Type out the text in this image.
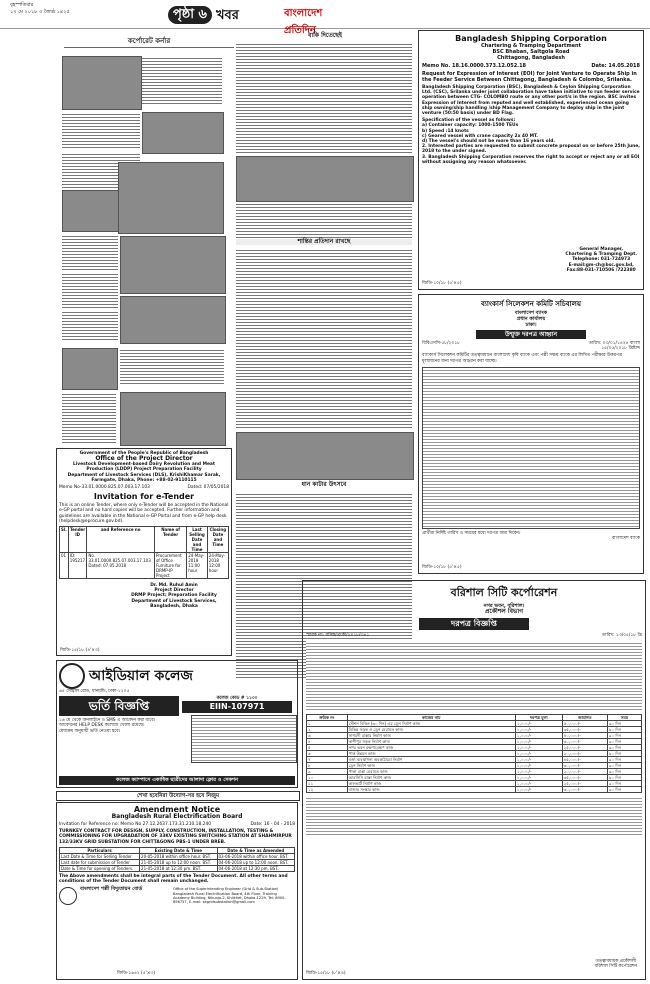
বৃহস্পতিবার
১৭ মে ২০১৮ ৩ জ্যৈষ্ঠ ১৪২৫	পৃষ্ঠা ৬ খবর	বাংলাদেশ প্রতিদিন
কর্পোরেট কর্নার
বাকি দিতেছেই
শান্তির প্রতিদান রাখছে
ধান কাটার উৎসবে
Government of the People's Republic of Bangladesh
Office of the Project Director
Livestock Development-based Dairy Revolution and Meat Production (LDDP) Project Preparation Facility
Department of Livestock Services (DLS), KrishiKhamar Sarak, Farmgate, Dhaka, Phone: +88-02-9110115
Memo No-33.01.0000.825.07.003.17.103	Dated: 07/05/2018
Invitation for e-Tender
This is an online Tender, where only e-Tender will be accepted in the National e-GP portal and no hard copies will be accepted. Further information and guidelines are available in the National e-GP Portal and from e-GP help desk (helpdesk@eprocure.gov.bd).
Sl.	Tender ID	and Reference no	Name of Tender	Last Selling Date and Time	Closing Date and Time
01	ID: 195217	No. 33.01.0000.825.07.003.17.103 Dated: 07.05.2018	Procurement of Office Furniture for DRMP-IP Project	24-May-2018 11:00 hour	24-May-2018 12:00 hour
Dr. Md. Ruhul Amin
Project Director
DRMP Project: Preparation Facility
Department of Livestock Services,
Bangladesh, Dhaka
জিডি-১৫/১৮ (৪'×৩)
Bangladesh Shipping Corporation
Chartering & Tramping Department
BSC Bhaban, Saltgola Road
Chittagong, Bangladesh
Memo No. 18.16.0000.373.12.052.18	Date: 14.05.2018
Request for Expression of Interest (EOI) for Joint Venture to Operate Ship in the Feeder Service Between Chittagong, Bangladesh & Colombo, Srilanka.
Bangladesh Shipping Corporation (BSC), Bangladesh & Ceylon Shipping Corporation Ltd. (CSC), Srilanka under joint collaboration have taken initiative to run feeder service operation between CTG- COLOMBO route or any other port/s in the region. BSC invites Expression of Interest from reputed and well established, experienced ocean going ship owning/ship handling /ship Management Company to deploy ship in the joint venture (50:50 basis) under BD Flag.
Specification of the vessel as follows:
a) Container capacity: 1000-1500 TEUs
b) Speed :14 knots
c) Geared vessel with crane capacity 2x 40 MT.
d) The vessel's should not be more than 16 years old.
2. Interested parties are requested to submit concrete proposal on or before 25th June, 2018 to the under signed.
3. Bangladesh Shipping Corporation reserves the right to accept or reject any or all EOI without assigning any reason whatsoever.
General Manager,
Chartering & Tramping Dept.
Telephone: 031-724973
E-mail:gm-ch@bsc.gov.bd,
Fax:88-031-710506 /722380
জিডি-১০/১৮ (৫'×৫)
ব্যাংকার্স সিলেকশন কমিটি সচিবালয়
বাংলাদেশ ব্যাংক
প্রধান কার্যালয়
ঢাকা।
উন্মুক্ত দরপত্র আহ্বান
বিবিএসসি-৫৮/২০১৮	তারিখ: ০৩/০১/১৪২৫ বাংলা
১৫/০৫/২০১৮ খ্রিষ্টাব্দ
ব্যাংকার্স সিলেকশন কমিটির তত্ত্বাবধানে বাংলাদেশ কৃষি ব্যাংক এবং পল্লী সঞ্চয় ব্যাংক এর লিখিত পরীক্ষার উত্তরপত্র মূল্যায়নের জন্য দরপত্র আহ্বান করা যাচ্ছে।
প্রার্থীরা নির্দিষ্ট তারিখ ও সময়ের মধ্যে দরপত্র জমা দিবেন।
বাংলাদেশ ব্যাংক
জিডি-১০/১৮ (৫'×৫)
বরিশাল সিটি কর্পোরেশন
নগর ভবন, বরিশাল।
প্রকৌশল বিভাগ
দরপত্র বিজ্ঞপ্তি
স্মারক নং- বসিক/প্রকৌ/২০১৮/৩৪১	তারিখ: ১৩/০৫/১৮ খ্রি
ক্রমিক নং	কাজের নাম	দরপত্র মূল্য	জামানত	সময়
১	স্টেশন বিল্ডিং (৩০ দিন) এর ড্রেন নির্মাণ কাজ	১,০০০/-	৫০,০০০/-	৯০ দিন
২	বিভিন্ন সড়ক ও ড্রেন মেরামত কাজ	১,০০০/-	৩৫,০০০/-	৯০ দিন
৩	সাগরদী রাস্তার নির্মাণ কাজ	১,০০০/-	৪০,০০০/-	৯০ দিন
৪	কাশীপুর সড়ক নির্মাণ কাজ	১,০০০/-	৩০,০০০/-	৯০ দিন
৫	নগর ভবন রক্ষণাবেক্ষণ কাজ	১,০০০/-	২৫,০০০/-	৯০ দিন
৬	পার্ক উন্নয়ন কাজ	১,০০০/-	২০,০০০/-	৯০ দিন
৭	বর্জ্য ব্যবস্থাপনা অবকাঠামো নির্মাণ	১,০০০/-	৪৫,০০০/-	৯০ দিন
৮	ড্রেন নির্মাণ কাজ	১,০০০/-	৩০,০০০/-	৯০ দিন
৯	পাকা রাস্তা মেরামত কাজ	১,০০০/-	২০,০০০/-	৯০ দিন
১০	আরসিসি রাস্তা নির্মাণ কাজ	১,০০০/-	৩৫,০০০/-	৯০ দিন
১১	কালভার্ট নির্মাণ কাজ	১,০০০/-	২৫,০০০/-	৯০ দিন
১২	বাজার সংস্কার কাজ	১,০০০/-	৩০,০০০/-	৯০ দিন
তত্ত্বাবধায়ক প্রকৌশলী
বরিশাল সিটি কর্পোরেশন
জিডি-১৫/১৮ (৮'×৪)
আইডিয়াল কলেজ
৬৫ সেন্ট্রাল রোড, ধানমন্ডি, ঢাকা-১২০৫
ভর্তি বিজ্ঞপ্তি
কলেজ কোড # ১১৩০
EIIN-107971
১৬ মে থেকে অনলাইনে ও SMS এ আবেদন করা যাবে।
আবেদনের HELP DESK কলেজে খোলা রয়েছে।
মেধাক্রম অনুযায়ী ভর্তি নেওয়া হবে।
কলেজ ক্যাম্পাসে একাধিক ছাত্রীদের আলাদা ফ্লোর ও সেকশন
শেখা হবেনিরা উদ্যোগ-সর হবে নিজুম
Amendment Notice
Bangladesh Rural Electrification Board
Invitation for Reference no: Memo No 27.12.2637.173.31.210.18.240	Date: 16 - 04 - 2018
TURNKEY CONTRACT FOR DESIGN, SUPPLY, CONSTRUCTION, INSTALLATION, TESTING & COMMISSIONING FOR UPGRADATION OF 33KV EXISTING SWITCHING STATION AT SHAHMIRPUR 132/33KV GRID SUBSTATION FOR CHITTAGONG PBS-1 UNDER BREB.
Particulars	Existing Date & Time	Date & Time as Amended
Last Date & Time for Selling Tender	20-05-2018 within office hour. BST.	03-06-2018 within office hour. BST.
Last date for submission of Tender	21-05-2018 up to 12:00 noon. BST.	04-06-2018 up to 12:00 noon. BST.
Date & Time for opening of Tenders.	21-05-2018 at 12:30 pm. BST.	04-06-2018 at 12:30 pm. BST.
The Above amendments shall be integral parts of the Tender Document. All other terms and conditions of the Tender Document shall remain unchanged.
বাংলাদেশ পল্লী বিদ্যুতায়ন বোর্ড	Office of the Superintending Engineer (Grid & Sub-Station) Bangladesh Rural Electrification Board, 4th Floor, Training Academy Building, Nikunja-2, Khilkhet, Dhaka-1229, Tel: 8900-896757, E-mail: segridsubstation@gmail.com
জিডি-১৬৪২ (৫'×৩)
